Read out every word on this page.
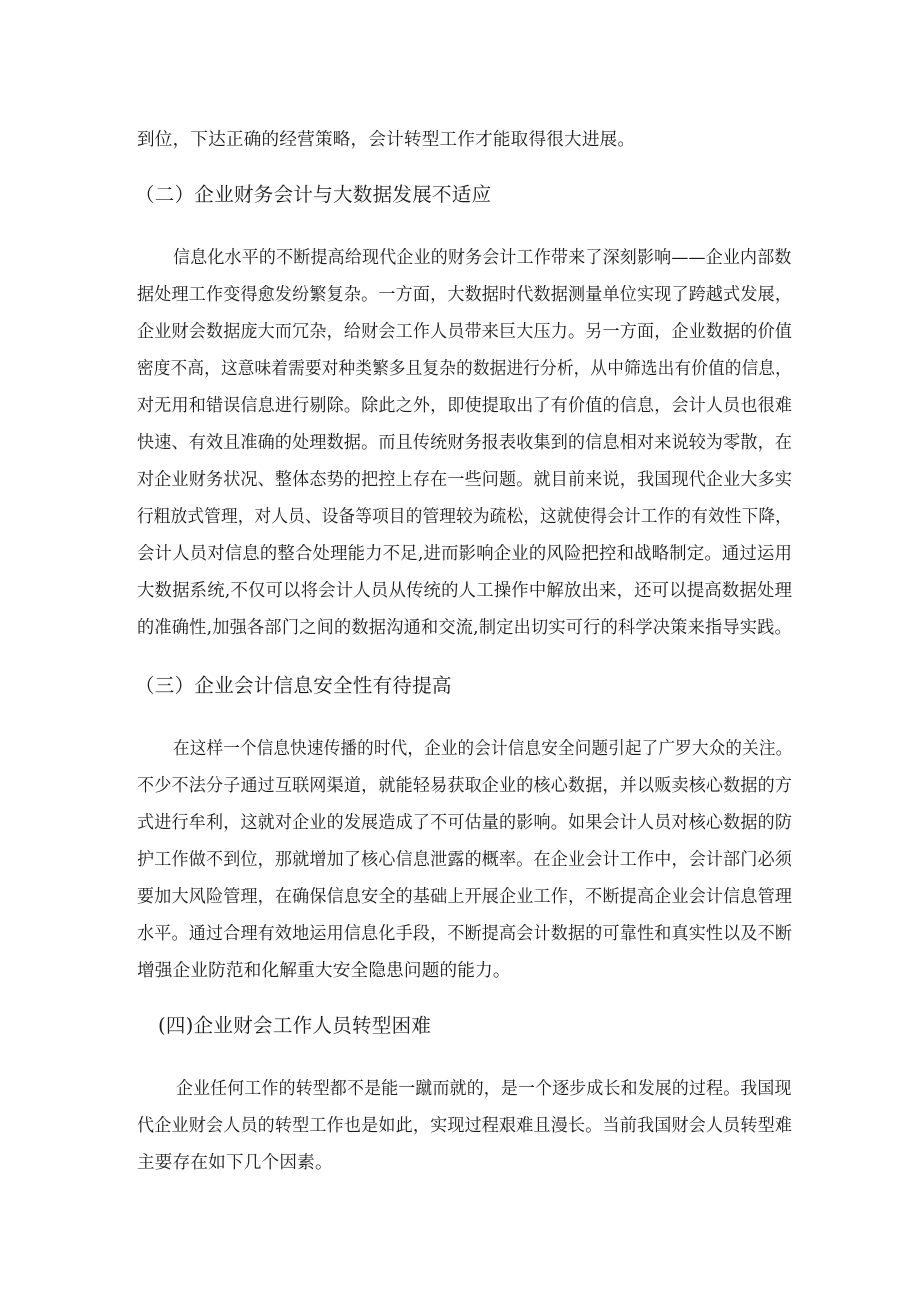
到位，下达正确的经营策略，会计转型工作才能取得很大进展。

（二）企业财务会计与大数据发展不适应

信息化水平的不断提高给现代企业的财务会计工作带来了深刻影响——企业内部数

据处理工作变得愈发纷繁复杂。一方面，大数据时代数据测量单位实现了跨越式发展，

企业财会数据庞大而冗杂，给财会工作人员带来巨大压力。另一方面，企业数据的价值

密度不高，这意味着需要对种类繁多且复杂的数据进行分析，从中筛选出有价值的信息，

对无用和错误信息进行剔除。除此之外，即使提取出了有价值的信息，会计人员也很难

快速、有效且准确的处理数据。而且传统财务报表收集到的信息相对来说较为零散，在

对企业财务状况、整体态势的把控上存在一些问题。就目前来说，我国现代企业大多实

行粗放式管理，对人员、设备等项目的管理较为疏松，这就使得会计工作的有效性下降，

会计人员对信息的整合处理能力不足,进而影响企业的风险把控和战略制定。通过运用

大数据系统,不仅可以将会计人员从传统的人工操作中解放出来，还可以提高数据处理

的准确性,加强各部门之间的数据沟通和交流,制定出切实可行的科学决策来指导实践。

（三）企业会计信息安全性有待提高

在这样一个信息快速传播的时代，企业的会计信息安全问题引起了广罗大众的关注。

不少不法分子通过互联网渠道，就能轻易获取企业的核心数据，并以贩卖核心数据的方

式进行牟利，这就对企业的发展造成了不可估量的影响。如果会计人员对核心数据的防

护工作做不到位，那就增加了核心信息泄露的概率。在企业会计工作中，会计部门必须

要加大风险管理，在确保信息安全的基础上开展企业工作，不断提高企业会计信息管理

水平。通过合理有效地运用信息化手段，不断提高会计数据的可靠性和真实性以及不断

增强企业防范和化解重大安全隐患问题的能力。

(四)企业财会工作人员转型困难

企业任何工作的转型都不是能一蹴而就的，是一个逐步成长和发展的过程。我国现

代企业财会人员的转型工作也是如此，实现过程艰难且漫长。当前我国财会人员转型难

主要存在如下几个因素。
